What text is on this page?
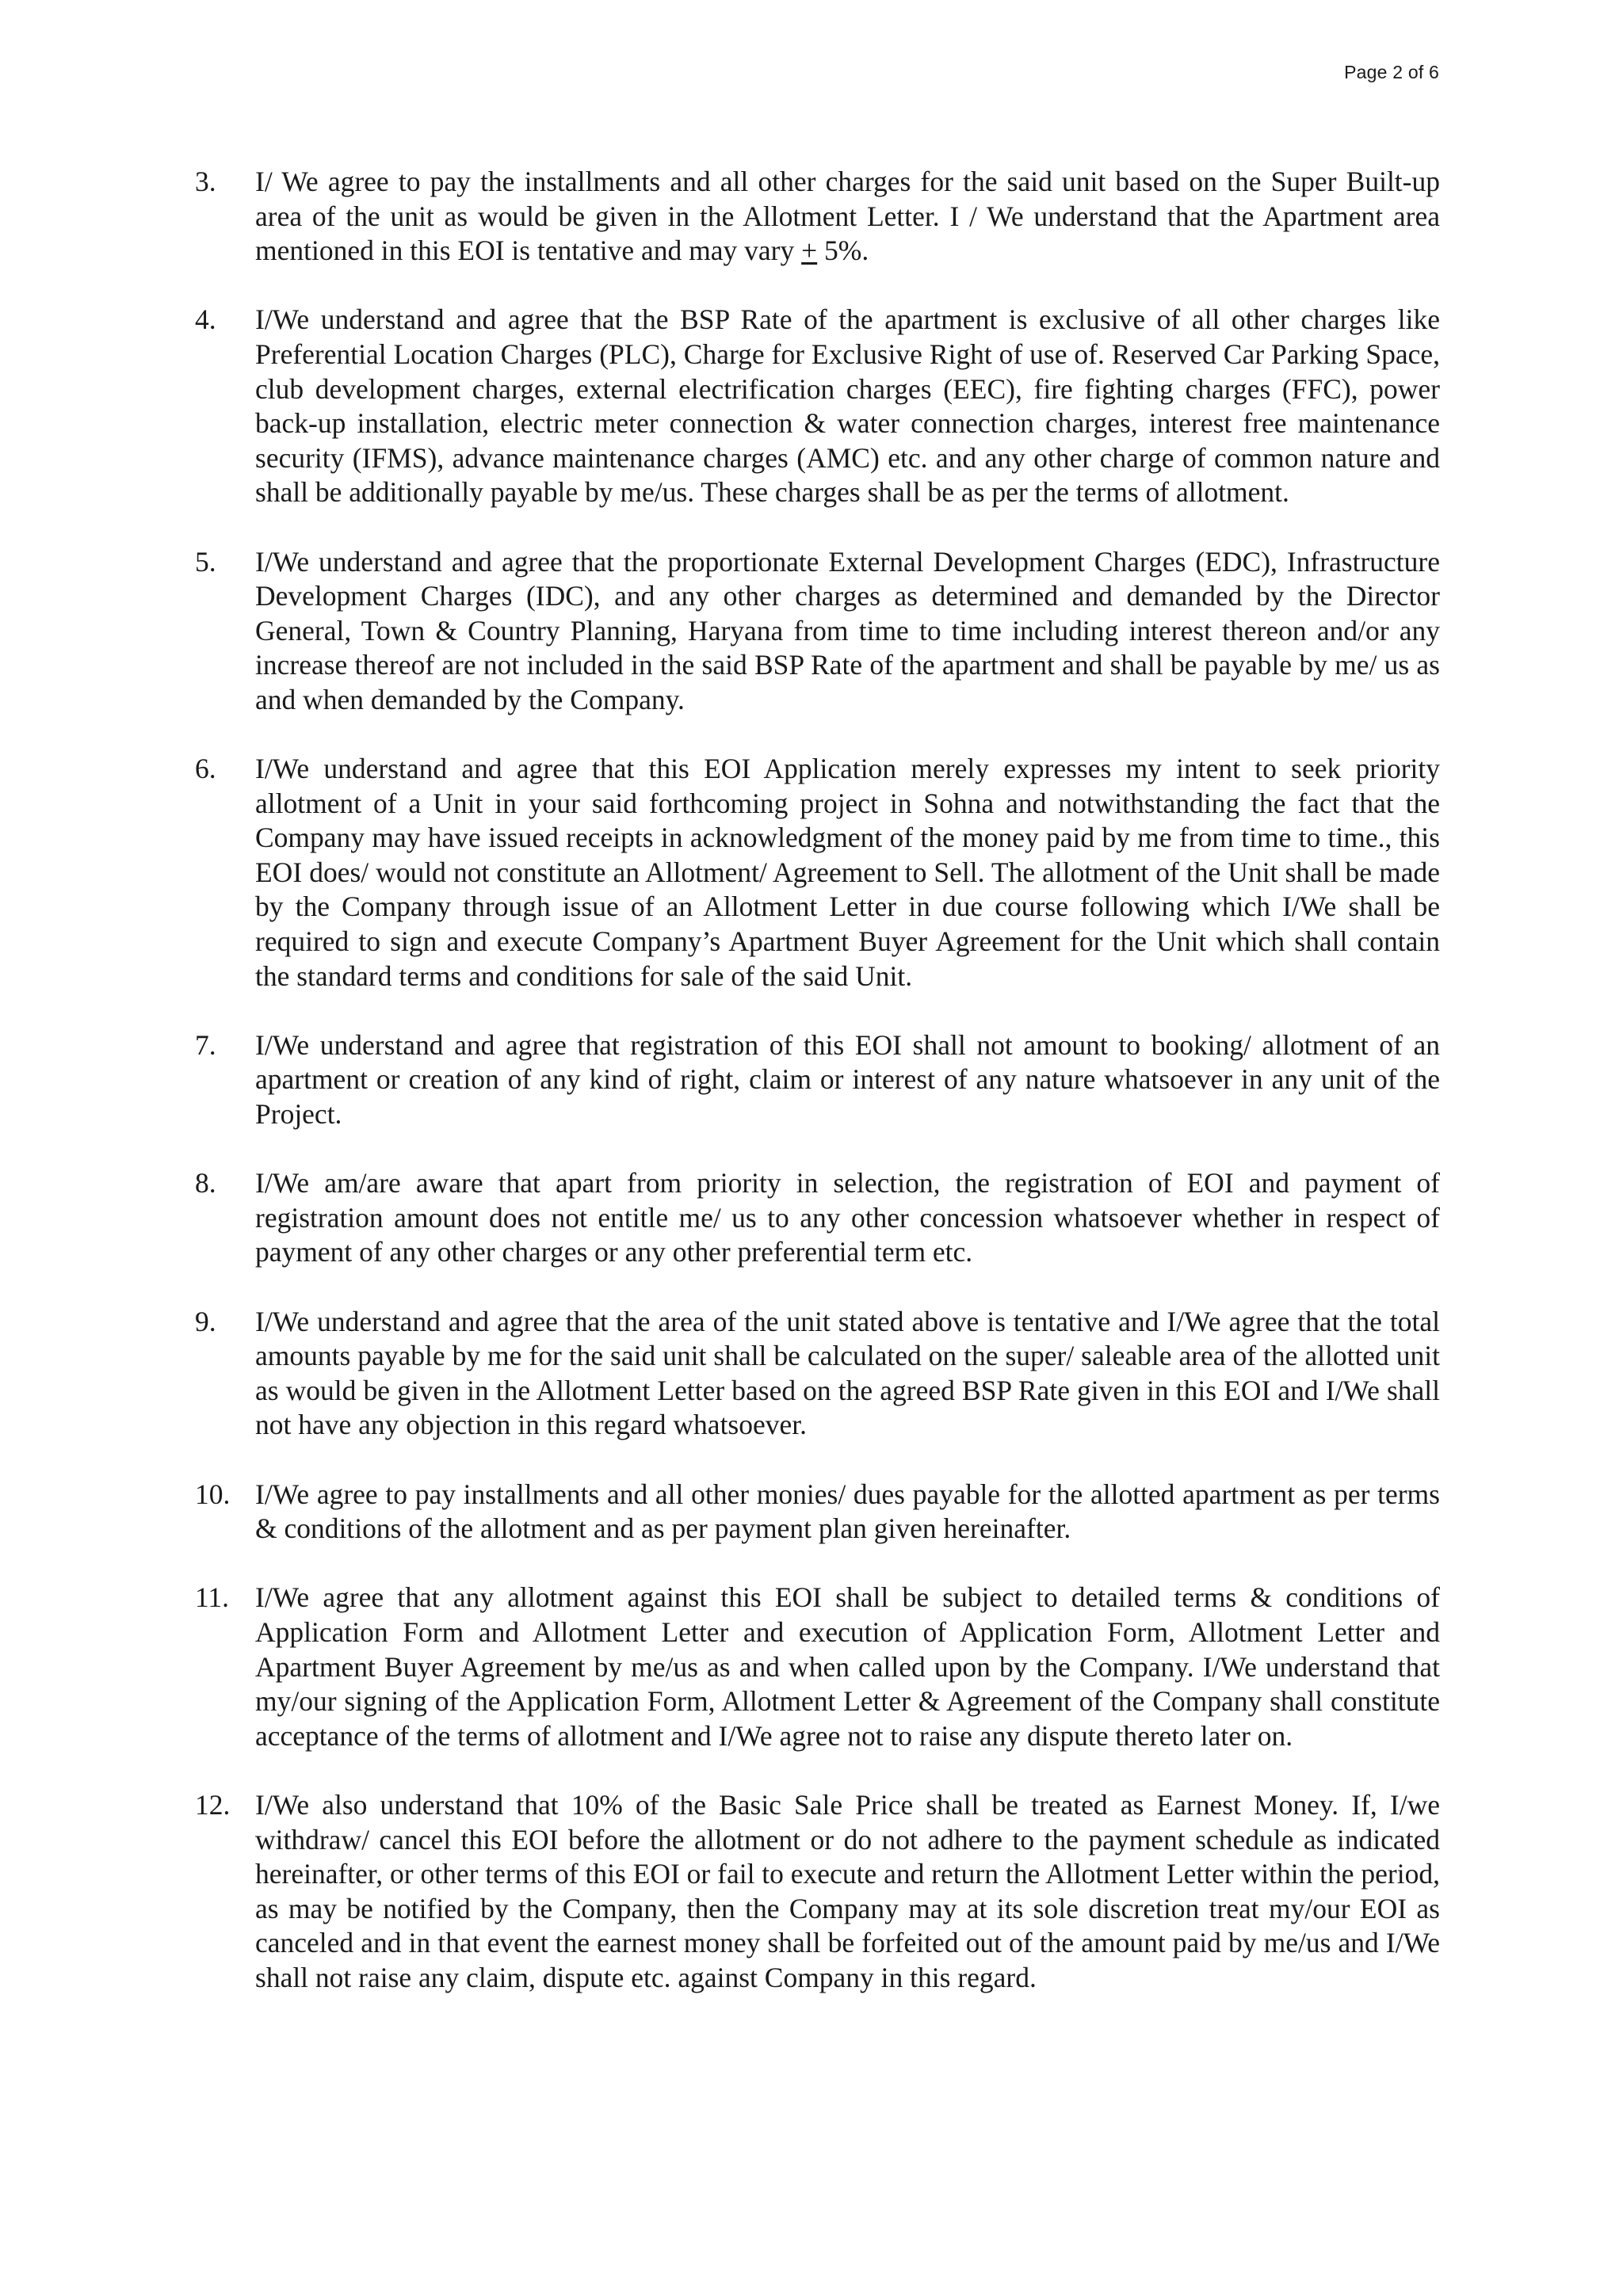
Page 2 of 6
3. I/ We agree to pay the installments and all other charges for the said unit based on the Super Built-up area of the unit as would be given in the Allotment Letter. I / We understand that the Apartment area mentioned in this EOI is tentative and may vary + 5%.
4. I/We understand and agree that the BSP Rate of the apartment is exclusive of all other charges like Preferential Location Charges (PLC), Charge for Exclusive Right of use of. Reserved Car Parking Space, club development charges, external electrification charges (EEC), fire fighting charges (FFC), power back-up installation, electric meter connection & water connection charges, interest free maintenance security (IFMS), advance maintenance charges (AMC) etc. and any other charge of common nature and shall be additionally payable by me/us. These charges shall be as per the terms of allotment.
5. I/We understand and agree that the proportionate External Development Charges (EDC), Infrastructure Development Charges (IDC), and any other charges as determined and demanded by the Director General, Town & Country Planning, Haryana from time to time including interest thereon and/or any increase thereof are not included in the said BSP Rate of the apartment and shall be payable by me/ us as and when demanded by the Company.
6. I/We understand and agree that this EOI Application merely expresses my intent to seek priority allotment of a Unit in your said forthcoming project in Sohna and notwithstanding the fact that the Company may have issued receipts in acknowledgment of the money paid by me from time to time., this EOI does/ would not constitute an Allotment/ Agreement to Sell. The allotment of the Unit shall be made by the Company through issue of an Allotment Letter in due course following which I/We shall be required to sign and execute Company’s Apartment Buyer Agreement for the Unit which shall contain the standard terms and conditions for sale of the said Unit.
7. I/We understand and agree that registration of this EOI shall not amount to booking/ allotment of an apartment or creation of any kind of right, claim or interest of any nature whatsoever in any unit of the Project.
8. I/We am/are aware that apart from priority in selection, the registration of EOI and payment of registration amount does not entitle me/ us to any other concession whatsoever whether in respect of payment of any other charges or any other preferential term etc.
9. I/We understand and agree that the area of the unit stated above is tentative and I/We agree that the total amounts payable by me for the said unit shall be calculated on the super/ saleable area of the allotted unit as would be given in the Allotment Letter based on the agreed BSP Rate given in this EOI and I/We shall not have any objection in this regard whatsoever.
10. I/We agree to pay installments and all other monies/ dues payable for the allotted apartment as per terms & conditions of the allotment and as per payment plan given hereinafter.
11. I/We agree that any allotment against this EOI shall be subject to detailed terms & conditions of Application Form and Allotment Letter and execution of Application Form, Allotment Letter and Apartment Buyer Agreement by me/us as and when called upon by the Company. I/We understand that my/our signing of the Application Form, Allotment Letter & Agreement of the Company shall constitute acceptance of the terms of allotment and I/We agree not to raise any dispute thereto later on.
12. I/We also understand that 10% of the Basic Sale Price shall be treated as Earnest Money. If, I/we withdraw/ cancel this EOI before the allotment or do not adhere to the payment schedule as indicated hereinafter, or other terms of this EOI or fail to execute and return the Allotment Letter within the period, as may be notified by the Company, then the Company may at its sole discretion treat my/our EOI as canceled and in that event the earnest money shall be forfeited out of the amount paid by me/us and I/We shall not raise any claim, dispute etc. against Company in this regard.
